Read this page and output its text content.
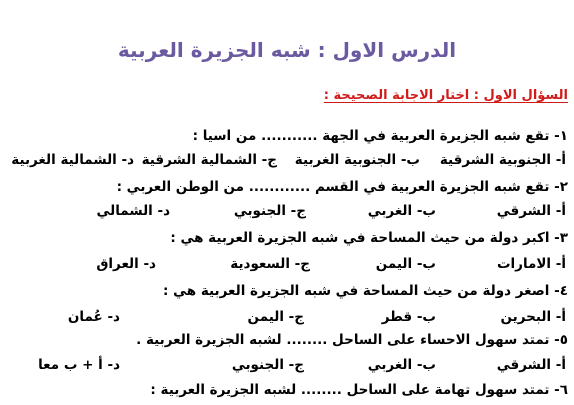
الدرس الاول : شبه الجزيرة العربية
السؤال الاول : اختار الاجابة الصحيحة :
١- تقع شبه الجزيرة العربية في الجهة ........... من اسيا :
أ- الجنوبية الشرقية
ب- الجنوبية الغربية
ج- الشمالية الشرقية
د- الشمالية الغربية
٢- تقع شبه الجزيرة العربية في القسم ............ من الوطن العربي :
أ- الشرقي
ب- الغربي
ج- الجنوبي
د- الشمالي
٣- اكبر دولة من حيث المساحة في شبه الجزيرة العربية هي :
أ- الامارات
ب- اليمن
ج- السعودية
د- العراق
٤- اصغر دولة من حيث المساحة في شبه الجزيرة العربية هي :
أ- البحرين
ب- قطر
ج- اليمن
د- عُمان
٥- تمتد سهول الاحساء على الساحل ........ لشبه الجزيرة العربية .
أ- الشرقي
ب- الغربي
ج- الجنوبي
د- أ + ب معا
٦- تمتد سهول تهامة على الساحل ........ لشبه الجزيرة العربية :
